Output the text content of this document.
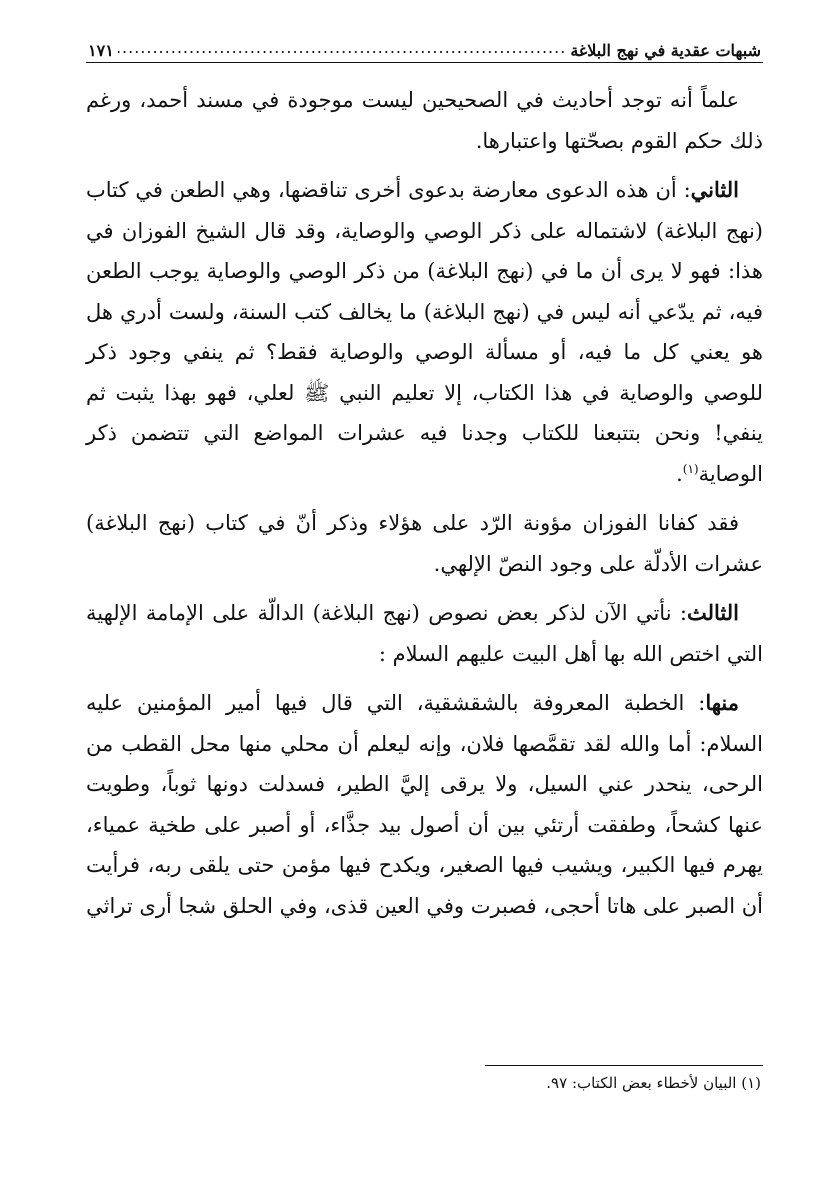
شبهات عقدية في نهج البلاغة
.....
١٧١

علماً أنه توجد أحاديث في الصحيحين ليست موجودة في مسند أحمد، ورغم ذلك حكم القوم بصحّتها واعتبارها.

الثاني: أن هذه الدعوى معارضة بدعوى أخرى تناقضها، وهي الطعن في كتاب (نهج البلاغة) لاشتماله على ذكر الوصي والوصاية، وقد قال الشيخ الفوزان في هذا: فهو لا يرى أن ما في (نهج البلاغة) من ذكر الوصي والوصاية يوجب الطعن فيه، ثم يدّعي أنه ليس في (نهج البلاغة) ما يخالف كتب السنة، ولست أدري هل هو يعني كل ما فيه، أو مسألة الوصي والوصاية فقط؟ ثم ينفي وجود ذكر للوصي والوصاية في هذا الكتاب، إلا تعليم النبي ﷺ لعلي، فهو بهذا يثبت ثم ينفي! ونحن بتتبعنا للكتاب وجدنا فيه عشرات المواضع التي تتضمن ذكر الوصاية$^{(١)}$.

فقد كفانا الفوزان مؤونة الرّد على هؤلاء وذكر أنّ في كتاب (نهج البلاغة) عشرات الأدلّة على وجود النصّ الإلهي.

الثالث: نأتي الآن لذكر بعض نصوص (نهج البلاغة) الدالّة على الإمامة الإلهية التي اختص الله بها أهل البيت عليهم السلام :

منها: الخطبة المعروفة بالشقشقية، التي قال فيها أمير المؤمنين عليه السلام: أما والله لقد تقمَّصها فلان، وإنه ليعلم أن محلي منها محل القطب من الرحى، ينحدر عني السيل، ولا يرقى إليَّ الطير، فسدلت دونها ثوباً، وطويت عنها كشحاً، وطفقت أرتئي بين أن أصول بيد جذَّاء، أو أصبر على طخية عمياء، يهرم فيها الكبير، ويشيب فيها الصغير، ويكدح فيها مؤمن حتى يلقى ربه، فرأيت أن الصبر على هاتا أحجى، فصبرت وفي العين قذى، وفي الحلق شجا أرى تراثي

(١) البيان لأخطاء بعض الكتاب: ٩٧.
